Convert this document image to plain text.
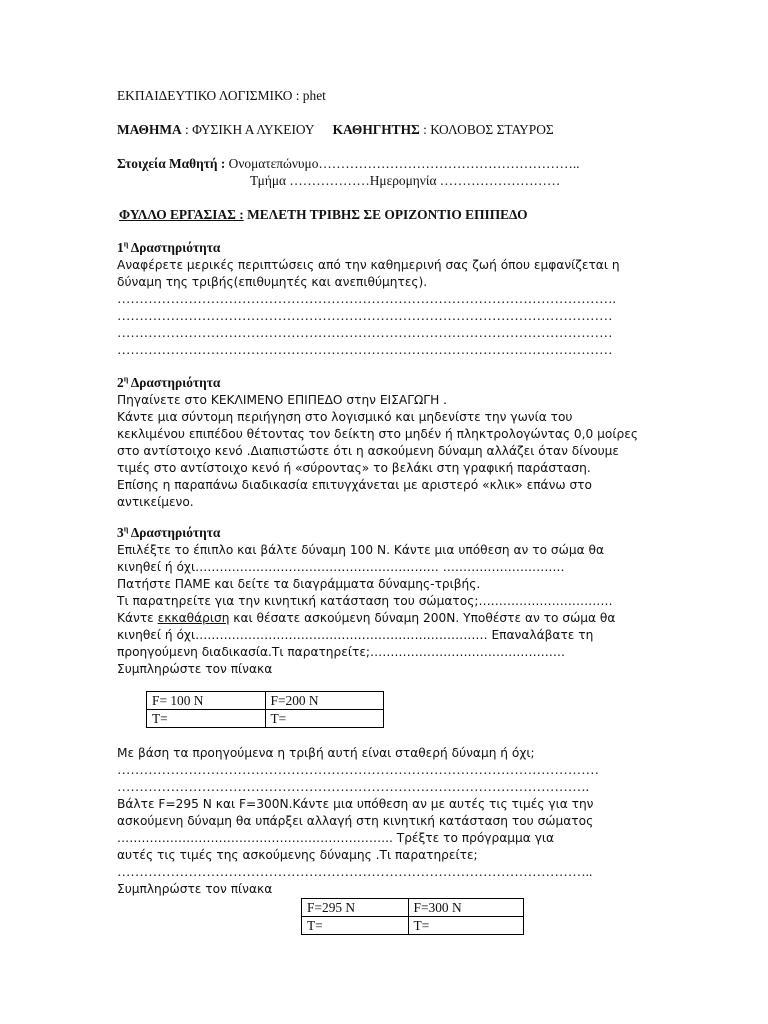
ΕΚΠΑΙΔΕΥΤΙΚΟ ΛΟΓΙΣΜΙΚΟ : phet
ΜΑΘΗΜΑ : ΦΥΣΙΚΗ Α ΛΥΚΕΙΟΥ ΚΑΘΗΓΗΤΗΣ : ΚΟΛΟΒΟΣ ΣΤΑΥΡΟΣ
Στοιχεία Μαθητή : Ονοματεπώνυμο…………………………………………………..
Τμήμα ………………Ημερομηνία ………………………
ΦΥΛΛΟ ΕΡΓΑΣΙΑΣ : ΜΕΛΕΤΗ ΤΡΙΒΗΣ ΣΕ ΟΡΙΖΟΝΤΙΟ ΕΠΙΠΕΔΟ
$1^\eta$ Δραστηριότητα
Αναφέρετε μερικές περιπτώσεις από την καθημερινή σας ζωή όπου εμφανίζεται η
δύναμη της τριβής(επιθυμητές και ανεπιθύμητες).
………………………………………………………………………………………………….
…………………………………………………………………………………………………
…………………………………………………………………………………………………
…………………………………………………………………………………………………
$2^\eta$ Δραστηριότητα
Πηγαίνετε στο ΚΕΚΛΙΜΕΝΟ ΕΠΙΠΕΔΟ στην ΕΙΣΑΓΩΓΗ .
Κάντε μια σύντομη περιήγηση στο λογισμικό και μηδενίστε την γωνία του
κεκλιμένου επιπέδου θέτοντας τον δείκτη στο μηδέν ή πληκτρολογώντας 0,0 μοίρες
στο αντίστοιχο κενό .Διαπιστώστε ότι η ασκούμενη δύναμη αλλάζει όταν δίνουμε
τιμές στο αντίστοιχο κενό ή «σύροντας» το βελάκι στη γραφική παράσταση.
Επίσης η παραπάνω διαδικασία επιτυγχάνεται με αριστερό «κλικ» επάνω στο
αντικείμενο.
$3^\eta$ Δραστηριότητα
Επιλέξτε το έπιπλο και βάλτε δύναμη 100 Ν. Κάντε μια υπόθεση αν το σώμα θα
κινηθεί ή όχι…………………………………………………… …………………………
Πατήστε ΠΑΜΕ και δείτε τα διαγράμματα δύναμης-τριβής.
Τι παρατηρείτε για την κινητική κατάσταση του σώματος;……………………………
Κάντε εκκαθάριση και θέσατε ασκούμενη δύναμη 200Ν. Υποθέστε αν το σώμα θα
κινηθεί ή όχι……………………………………………………………… Επαναλάβατε τη
προηγούμενη διαδικασία.Τι παρατηρείτε;…………………………………………
Συμπληρώστε τον πίνακα
F= 100 N	F=200 N
T=	T=
Με βάση τα προηγούμενα η τριβή αυτή είναι σταθερή δύναμη ή όχι;
………………………………………………………………………………………………
…………………………………………………………………………………………….
Βάλτε F=295 N και F=300N.Κάντε μια υπόθεση αν με αυτές τις τιμές για την
ασκούμενη δύναμη θα υπάρξει αλλαγή στη κινητική κατάσταση του σώματος
………………………………………………………….. Τρέξτε το πρόγραμμα για
αυτές τις τιμές της ασκούμενης δύναμης .Τι παρατηρείτε;
……………………………………………………………………………………………..
Συμπληρώστε τον πίνακα
F=295 N	F=300 N
T=	T=
